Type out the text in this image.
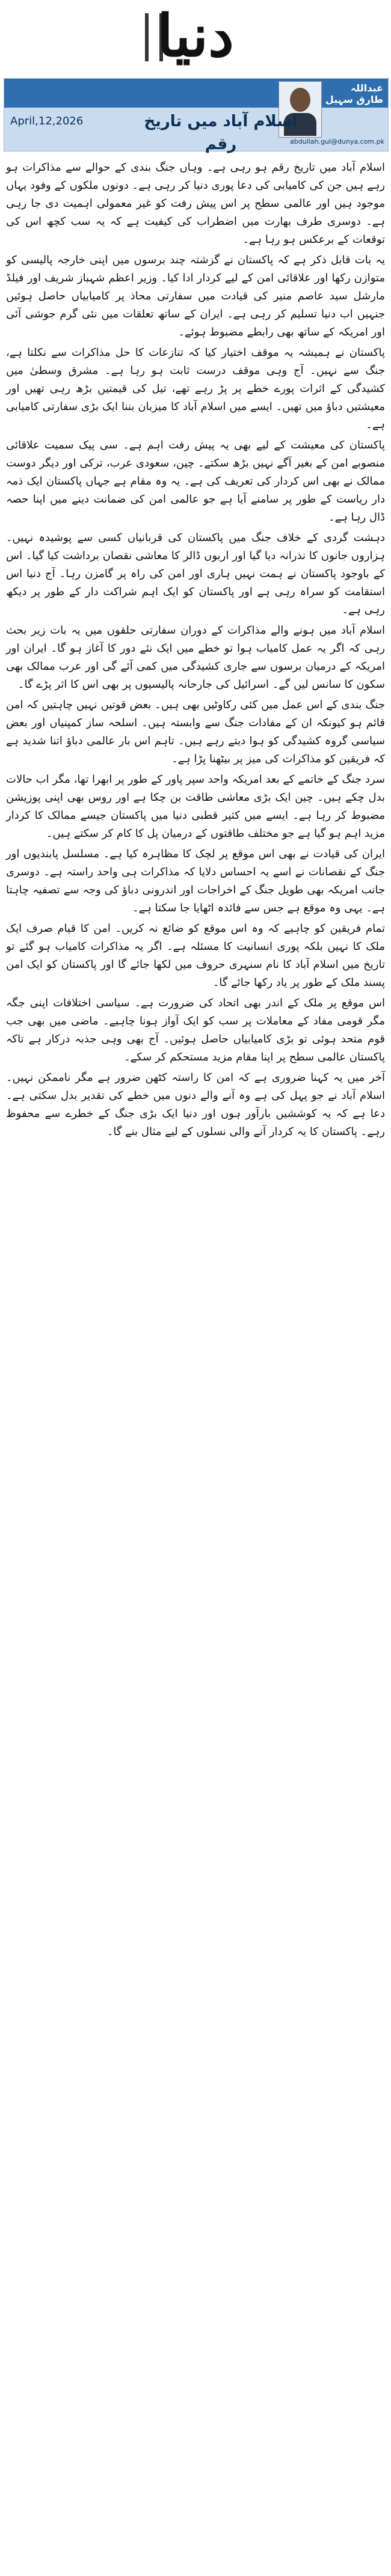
دنیا
عبداللہ طارق سہیل
اسلام آباد میں تاریخ رقم
April,12,2026
abdullah.gul@dunya.com.pk

اسلام آباد میں تاریخ رقم ہو رہی ہے۔ وہاں جنگ بندی کے حوالے سے مذاکرات ہو رہے ہیں جن کی کامیابی کی دعا پوری دنیا کر رہی ہے۔ دونوں ملکوں کے وفود یہاں موجود ہیں اور عالمی سطح پر اس پیش رفت کو غیر معمولی اہمیت دی جا رہی ہے۔ دوسری طرف بھارت میں اضطراب کی کیفیت ہے کہ یہ سب کچھ اس کی توقعات کے برعکس ہو رہا ہے۔

یہ بات قابل ذکر ہے کہ پاکستان نے گزشتہ چند برسوں میں اپنی خارجہ پالیسی کو متوازن رکھا اور علاقائی امن کے لیے کردار ادا کیا۔ وزیر اعظم شہباز شریف اور فیلڈ مارشل سید عاصم منیر کی قیادت میں سفارتی محاذ پر کامیابیاں حاصل ہوئیں جنہیں اب دنیا تسلیم کر رہی ہے۔ ایران کے ساتھ تعلقات میں نئی گرم جوشی آئی اور امریکہ کے ساتھ بھی رابطے مضبوط ہوئے۔

پاکستان نے ہمیشہ یہ موقف اختیار کیا کہ تنازعات کا حل مذاکرات سے نکلتا ہے، جنگ سے نہیں۔ آج وہی موقف درست ثابت ہو رہا ہے۔ مشرق وسطیٰ میں کشیدگی کے اثرات پورے خطے پر پڑ رہے تھے، تیل کی قیمتیں بڑھ رہی تھیں اور معیشتیں دباؤ میں تھیں۔ ایسے میں اسلام آباد کا میزبان بننا ایک بڑی سفارتی کامیابی ہے۔

پاکستان کی معیشت کے لیے بھی یہ پیش رفت اہم ہے۔ سی پیک سمیت علاقائی منصوبے امن کے بغیر آگے نہیں بڑھ سکتے۔ چین، سعودی عرب، ترکی اور دیگر دوست ممالک نے بھی اس کردار کی تعریف کی ہے۔ یہ وہ مقام ہے جہاں پاکستان ایک ذمہ دار ریاست کے طور پر سامنے آیا ہے جو عالمی امن کی ضمانت دینے میں اپنا حصہ ڈال رہا ہے۔

دہشت گردی کے خلاف جنگ میں پاکستان کی قربانیاں کسی سے پوشیدہ نہیں۔ ہزاروں جانوں کا نذرانہ دیا گیا اور اربوں ڈالر کا معاشی نقصان برداشت کیا گیا۔ اس کے باوجود پاکستان نے ہمت نہیں ہاری اور امن کی راہ پر گامزن رہا۔ آج دنیا اس استقامت کو سراہ رہی ہے اور پاکستان کو ایک اہم شراکت دار کے طور پر دیکھ رہی ہے۔

اسلام آباد میں ہونے والے مذاکرات کے دوران سفارتی حلقوں میں یہ بات زیر بحث رہی کہ اگر یہ عمل کامیاب ہوا تو خطے میں ایک نئے دور کا آغاز ہو گا۔ ایران اور امریکہ کے درمیان برسوں سے جاری کشیدگی میں کمی آئے گی اور عرب ممالک بھی سکون کا سانس لیں گے۔ اسرائیل کی جارحانہ پالیسیوں پر بھی اس کا اثر پڑے گا۔

جنگ بندی کے اس عمل میں کئی رکاوٹیں بھی ہیں۔ بعض قوتیں نہیں چاہتیں کہ امن قائم ہو کیونکہ ان کے مفادات جنگ سے وابستہ ہیں۔ اسلحہ ساز کمپنیاں اور بعض سیاسی گروہ کشیدگی کو ہوا دیتے رہے ہیں۔ تاہم اس بار عالمی دباؤ اتنا شدید ہے کہ فریقین کو مذاکرات کی میز پر بیٹھنا پڑا ہے۔

سرد جنگ کے خاتمے کے بعد امریکہ واحد سپر پاور کے طور پر ابھرا تھا، مگر اب حالات بدل چکے ہیں۔ چین ایک بڑی معاشی طاقت بن چکا ہے اور روس بھی اپنی پوزیشن مضبوط کر رہا ہے۔ ایسے میں کثیر قطبی دنیا میں پاکستان جیسے ممالک کا کردار مزید اہم ہو گیا ہے جو مختلف طاقتوں کے درمیان پل کا کام کر سکتے ہیں۔

ایران کی قیادت نے بھی اس موقع پر لچک کا مظاہرہ کیا ہے۔ مسلسل پابندیوں اور جنگ کے نقصانات نے اسے یہ احساس دلایا کہ مذاکرات ہی واحد راستہ ہے۔ دوسری جانب امریکہ بھی طویل جنگ کے اخراجات اور اندرونی دباؤ کی وجہ سے تصفیہ چاہتا ہے۔ یہی وہ موقع ہے جس سے فائدہ اٹھایا جا سکتا ہے۔

تمام فریقین کو چاہیے کہ وہ اس موقع کو ضائع نہ کریں۔ امن کا قیام صرف ایک ملک کا نہیں بلکہ پوری انسانیت کا مسئلہ ہے۔ اگر یہ مذاکرات کامیاب ہو گئے تو تاریخ میں اسلام آباد کا نام سنہری حروف میں لکھا جائے گا اور پاکستان کو ایک امن پسند ملک کے طور پر یاد رکھا جائے گا۔

اس موقع پر ملک کے اندر بھی اتحاد کی ضرورت ہے۔ سیاسی اختلافات اپنی جگہ مگر قومی مفاد کے معاملات پر سب کو ایک آواز ہونا چاہیے۔ ماضی میں بھی جب قوم متحد ہوئی تو بڑی کامیابیاں حاصل ہوئیں۔ آج بھی وہی جذبہ درکار ہے تاکہ پاکستان عالمی سطح پر اپنا مقام مزید مستحکم کر سکے۔

آخر میں یہ کہنا ضروری ہے کہ امن کا راستہ کٹھن ضرور ہے مگر ناممکن نہیں۔ اسلام آباد نے جو پہل کی ہے وہ آنے والے دنوں میں خطے کی تقدیر بدل سکتی ہے۔ دعا ہے کہ یہ کوششیں بارآور ہوں اور دنیا ایک بڑی جنگ کے خطرے سے محفوظ رہے۔ پاکستان کا یہ کردار آنے والی نسلوں کے لیے مثال بنے گا۔
